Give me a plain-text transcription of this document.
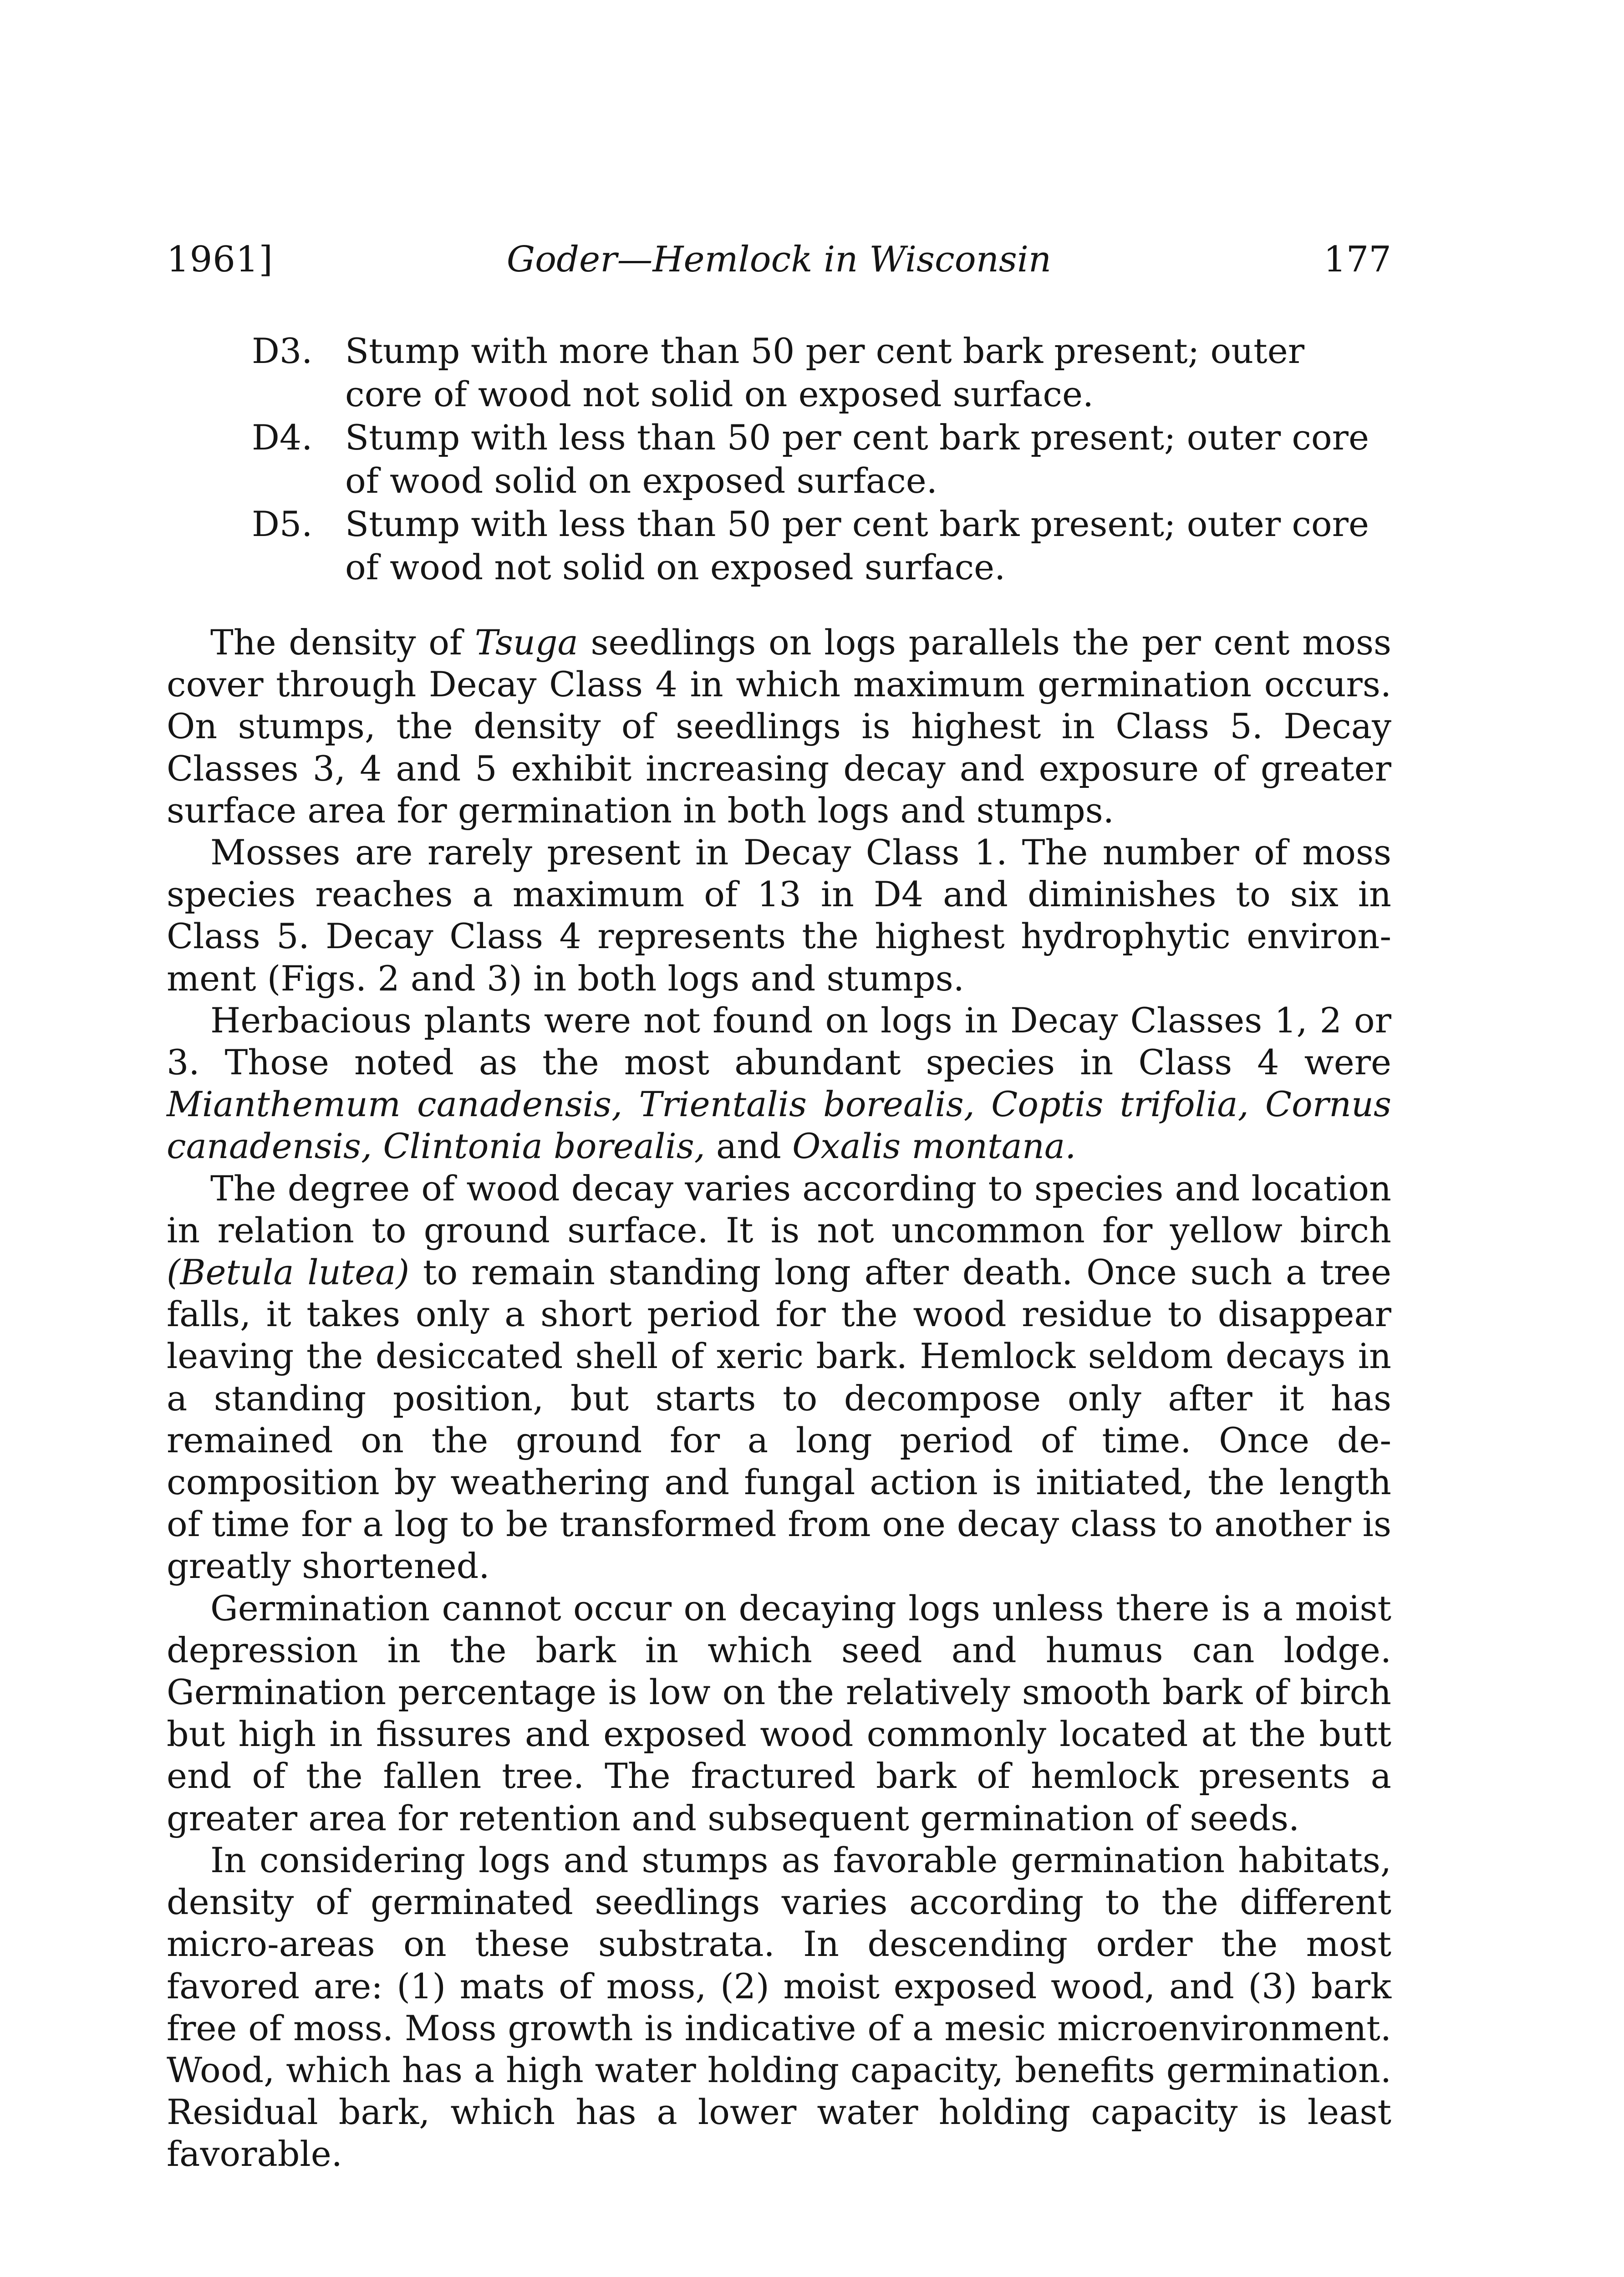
1961]	Goder—Hemlock in Wisconsin	177
D3. Stump with more than 50 per cent bark present; outer core of wood not solid on exposed surface.
D4. Stump with less than 50 per cent bark present; outer core of wood solid on exposed surface.
D5. Stump with less than 50 per cent bark present; outer core of wood not solid on exposed surface.

The density of Tsuga seedlings on logs parallels the per cent moss cover through Decay Class 4 in which maximum germination occurs. On stumps, the density of seedlings is highest in Class 5. Decay Classes 3, 4 and 5 exhibit increasing decay and exposure of greater surface area for germination in both logs and stumps.

Mosses are rarely present in Decay Class 1. The number of moss species reaches a maximum of 13 in D4 and diminishes to six in Class 5. Decay Class 4 represents the highest hydrophytic environment (Figs. 2 and 3) in both logs and stumps.

Herbacious plants were not found on logs in Decay Classes 1, 2 or 3. Those noted as the most abundant species in Class 4 were Mianthemum canadensis, Trientalis borealis, Coptis trifolia, Cornus canadensis, Clintonia borealis, and Oxalis montana.

The degree of wood decay varies according to species and location in relation to ground surface. It is not uncommon for yellow birch (Betula lutea) to remain standing long after death. Once such a tree falls, it takes only a short period for the wood residue to disappear leaving the desiccated shell of xeric bark. Hemlock seldom decays in a standing position, but starts to decompose only after it has remained on the ground for a long period of time. Once decomposition by weathering and fungal action is initiated, the length of time for a log to be transformed from one decay class to another is greatly shortened.

Germination cannot occur on decaying logs unless there is a moist depression in the bark in which seed and humus can lodge. Germination percentage is low on the relatively smooth bark of birch but high in fissures and exposed wood commonly located at the butt end of the fallen tree. The fractured bark of hemlock presents a greater area for retention and subsequent germination of seeds.

In considering logs and stumps as favorable germination habitats, density of germinated seedlings varies according to the different micro-areas on these substrata. In descending order the most favored are: (1) mats of moss, (2) moist exposed wood, and (3) bark free of moss. Moss growth is indicative of a mesic microenvironment. Wood, which has a high water holding capacity, benefits germination. Residual bark, which has a lower water holding capacity is least favorable.
